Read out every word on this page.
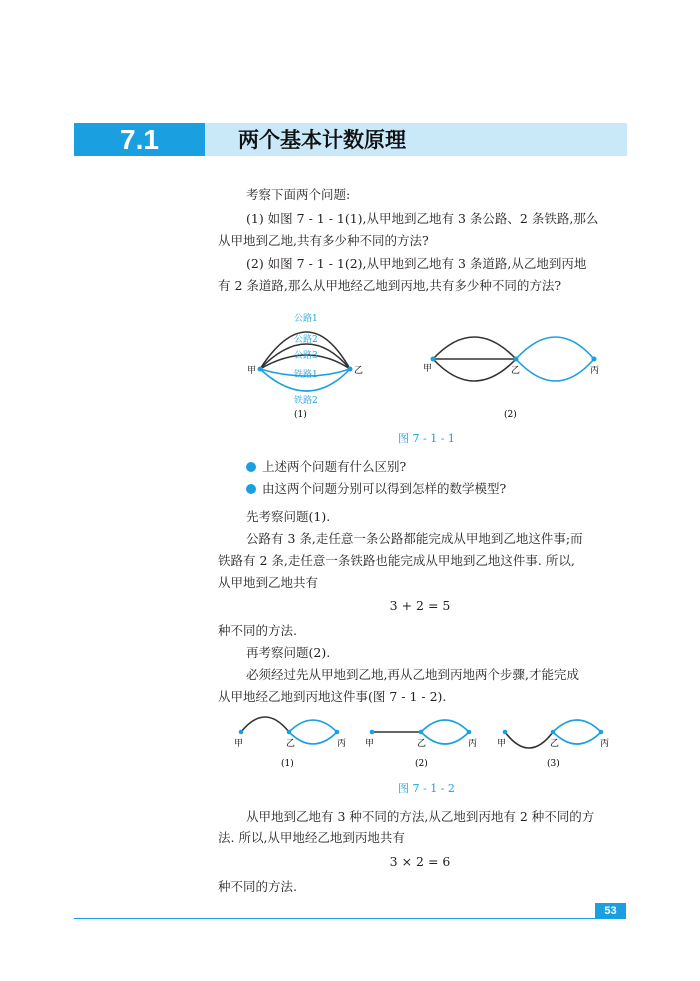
7.1	两个基本计数原理
考察下面两个问题:
(1) 如图 7 - 1 - 1(1),从甲地到乙地有 3 条公路、2 条铁路,那么
从甲地到乙地,共有多少种不同的方法?
(2) 如图 7 - 1 - 1(2),从甲地到乙地有 3 条道路,从乙地到丙地
有 2 条道路,那么从甲地经乙地到丙地,共有多少种不同的方法?
公路1
公路2
公路3
铁路1
铁路2
甲	乙
(1)
甲	乙	丙
(2)
图 7 - 1 - 1
上述两个问题有什么区别?
由这两个问题分别可以得到怎样的数学模型?
先考察问题(1).
公路有 3 条,走任意一条公路都能完成从甲地到乙地这件事;而
铁路有 2 条,走任意一条铁路也能完成从甲地到乙地这件事. 所以,
从甲地到乙地共有
3 + 2 = 5
种不同的方法.
再考察问题(2).
必须经过先从甲地到乙地,再从乙地到丙地两个步骤,才能完成
从甲地经乙地到丙地这件事(图 7 - 1 - 2).
甲	乙	丙 甲	乙	丙 甲	乙	丙
(1)	(2)	(3)
图 7 - 1 - 2
从甲地到乙地有 3 种不同的方法,从乙地到丙地有 2 种不同的方
法. 所以,从甲地经乙地到丙地共有
3 × 2 = 6
种不同的方法.
53
